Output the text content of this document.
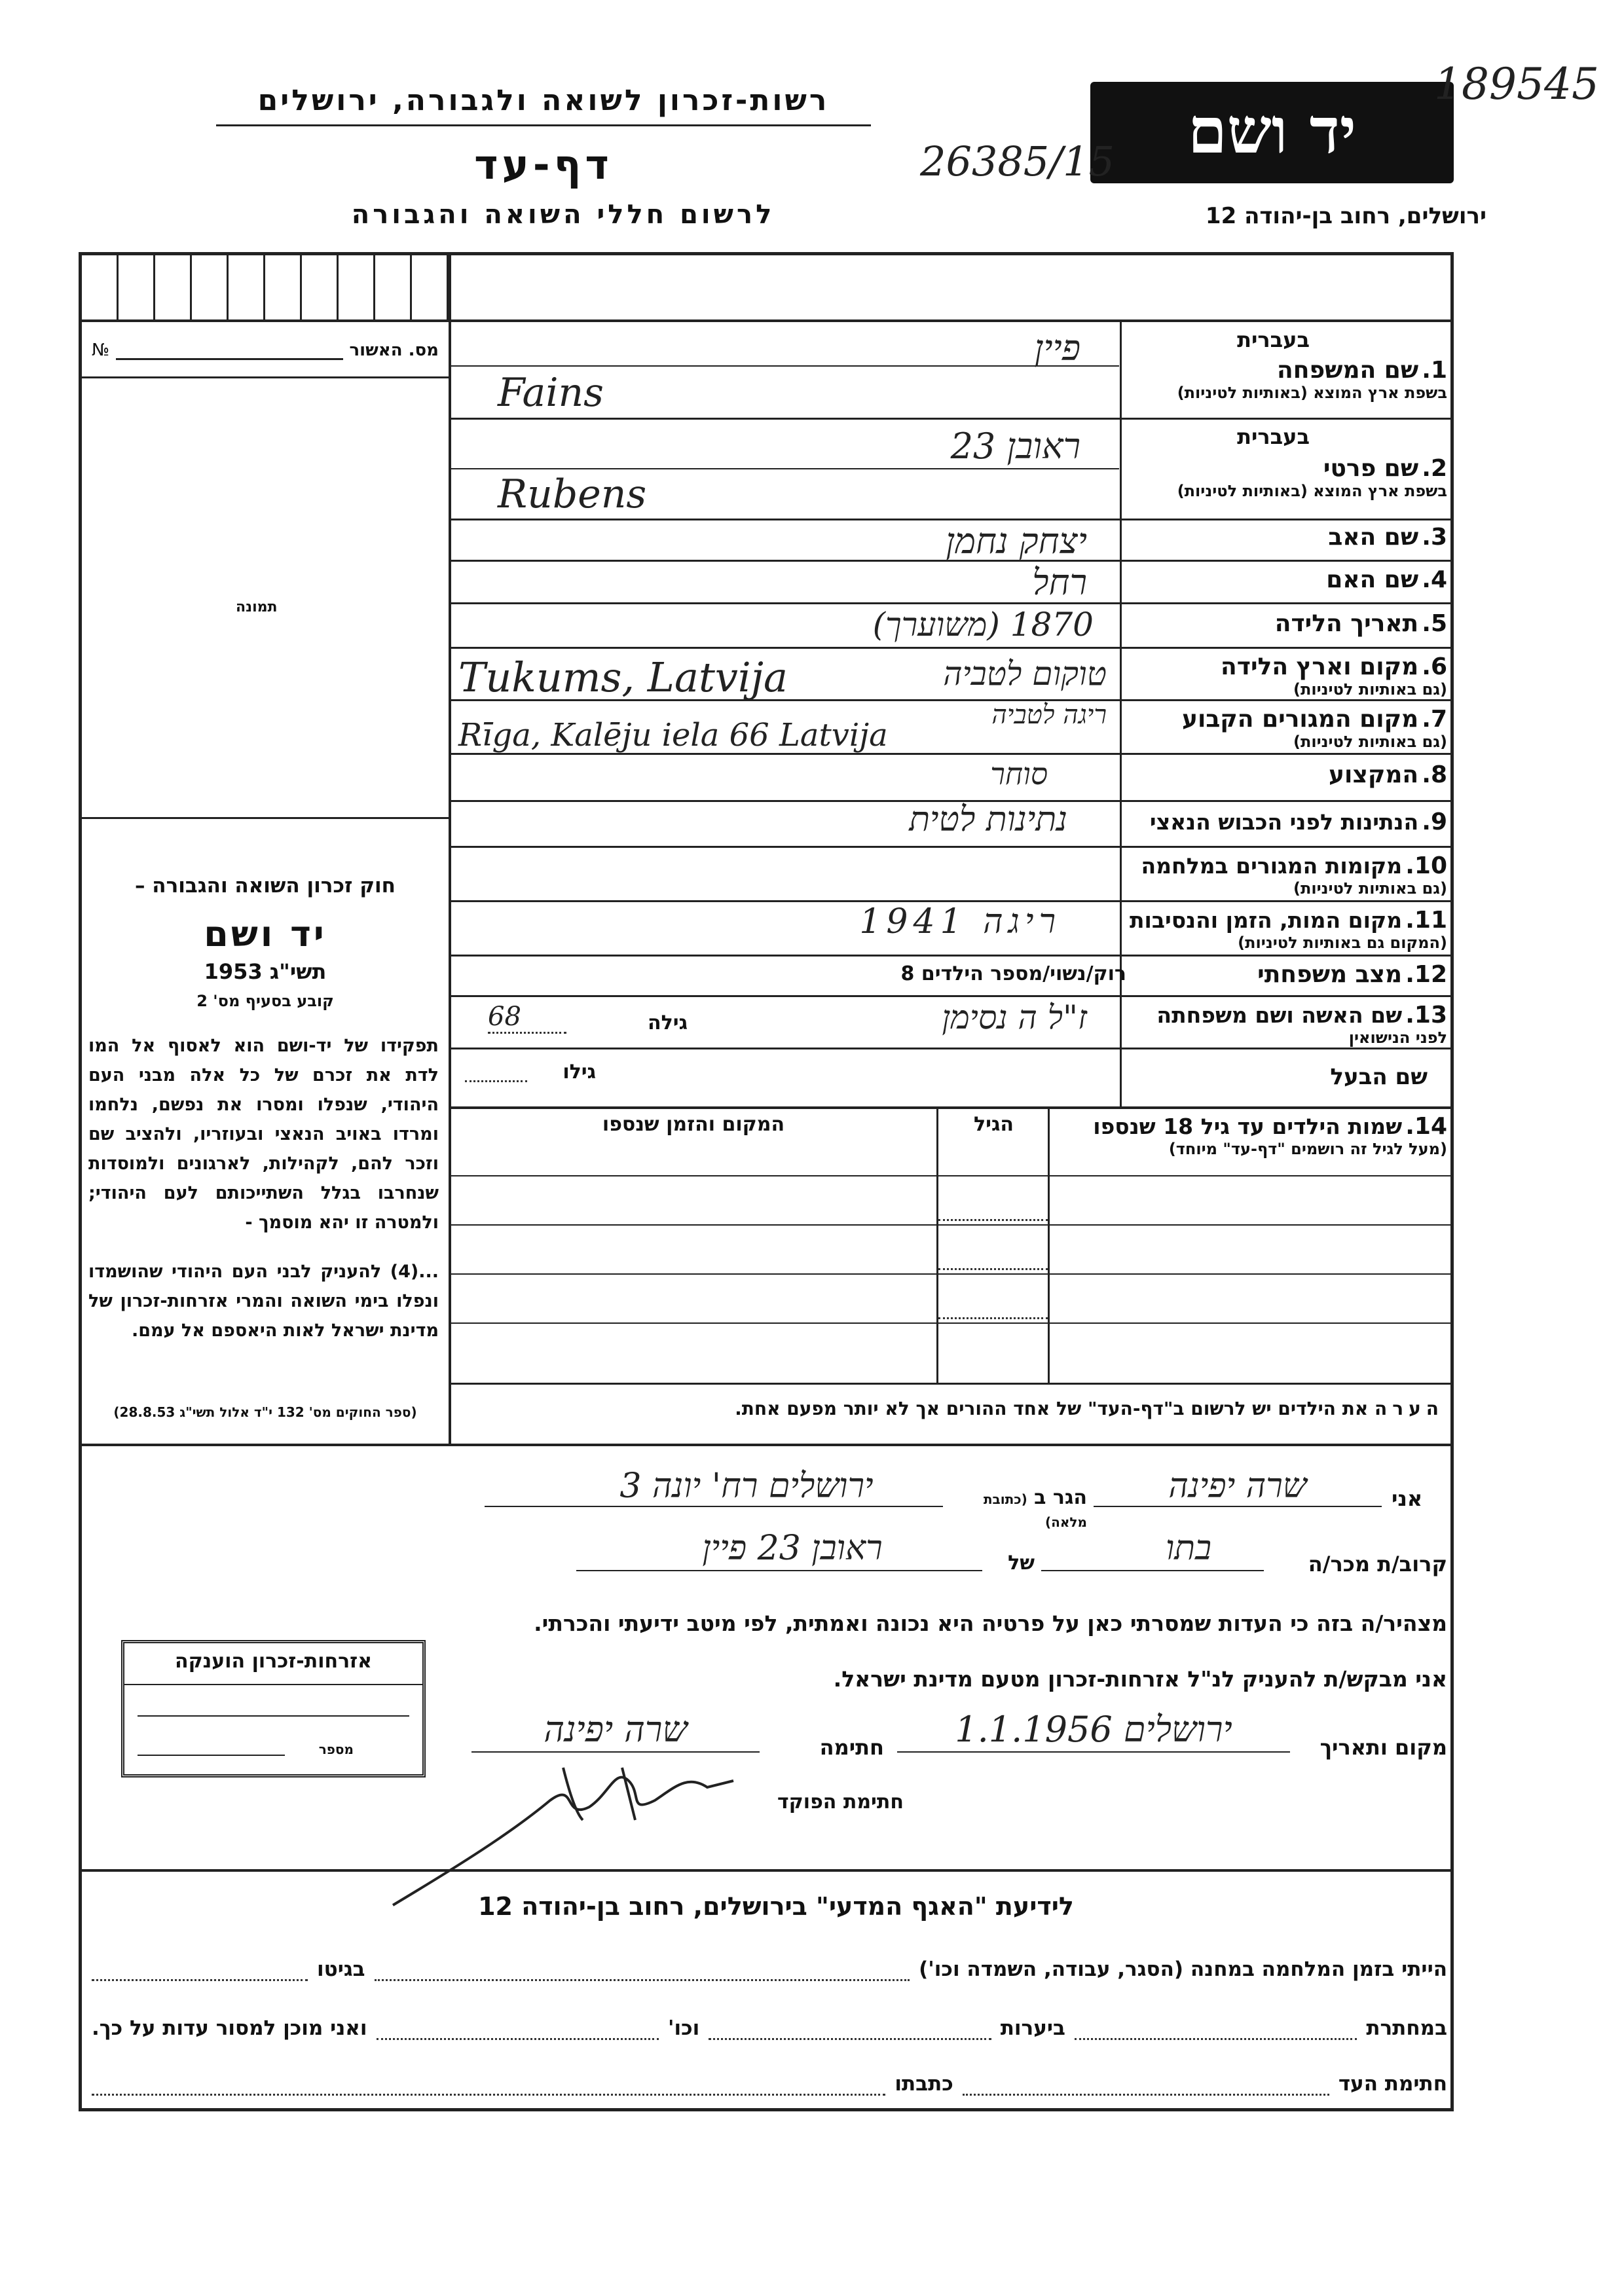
רשות-זכרון לשואה ולגבורה, ירושלים
דף-עד
לרשום חללי השואה והגבורה
יד ושם
ירושלים, רחוב בן-יהודה 12
26385/15
189545
מס. האשור
№
תמונה
חוק זכרון השואה והגבורה –
יד ושם
תשי"ג 1953
קובע בסעיף מס' 2
תפקידו של יד-ושם הוא לאסוף אל המו לדת את זכרם של כל אלה מבני העם היהודי, שנפלו ומסרו את נפשם, נלחמו ומרדו באויב הנאצי ובעוזריו, ולהציב שם וזכר להם, לקהילות, לארגונים ולמוסדות שנחרבו בגלל השתייכותם לעם היהודי; ולמטרה זו יהא מוסמך -
...(4) להעניק לבני העם היהודי שהושמדו ונפלו בימי השואה והמרי אזרחות-זכרון של מדינת ישראל לאות היאספם אל עמם.
(ספר החוקים מס' 132 י"ד אלול תשי"ג 28.8.53)
בעברית
1. שם המשפחה
בשפת ארץ המוצא (באותיות לטיניות)
פיין
Fains
בעברית
2. שם פרטי
בשפת ארץ המוצא (באותיות לטיניות)
ראובן 23
Rubens
3. שם האב
יצחק נחמן
4. שם האם
רחל
5. תאריך הלידה
1870 (משוערך)
6. מקום וארץ הלידה
(גם באותיות לטיניות)
טוקום לטביה
Tukums, Latvija
7. מקום המגורים הקבוע
(גם באותיות לטיניות)
ריגה לטביה
Rīga, Kalēju iela 66 Latvija
8. המקצוע
סוחר
9. הנתינות לפני הכבוש הנאצי
נתינות לטית
10. מקומות המגורים במלחמה
(גם באותיות לטיניות)
11. מקום המות, הזמן והנסיבות
(המקום גם באותיות לטיניות)
ריגה 1941
12. מצב משפחתי
רוק/נשוי/מספר הילדים 8
13. שם האשה ושם משפחתה
לפני הנישואין
ז"ל ה נסימן
גילה
68
שם הבעל
גילו
14. שמות הילדים עד גיל 18 שנספו
(מעל לגיל זה רושמים "דף-עד" מיוחד)
הגיל
המקום והזמן שנספו
הערה את הילדים יש לרשום ב"דף-העד" של אחד ההורים אך לא יותר מפעם אחת.
אני
שרה יפינה
הגר ב (כתובת מלאה)
ירושלים רח' יונה 3
קרוב/ת מכר/ה
בתו
של
ראובן 23 פיין
מצהיר/ה בזה כי העדות שמסרתי כאן על פרטיה היא נכונה ואמתית, לפי מיטב ידיעתי והכרתי.
אני מבקש/ת להעניק לנ"ל אזרחות-זכרון מטעם מדינת ישראל.
מקום ותאריך
ירושלים 1.1.1956
חתימה
שרה יפינה
חתימת הפוקד
אזרחות-זכרון הוענקה
מספר
לידיעת "האגף המדעי" בירושלים, רחוב בן-יהודה 12
הייתי בזמן המלחמה במחנה (הסגר, עבודה, השמדה וכו')
בגיטו
במחתרת
ביערות
וכו'
ואני מוכן למסור עדות על כך.
חתימת העד
כתבתו
